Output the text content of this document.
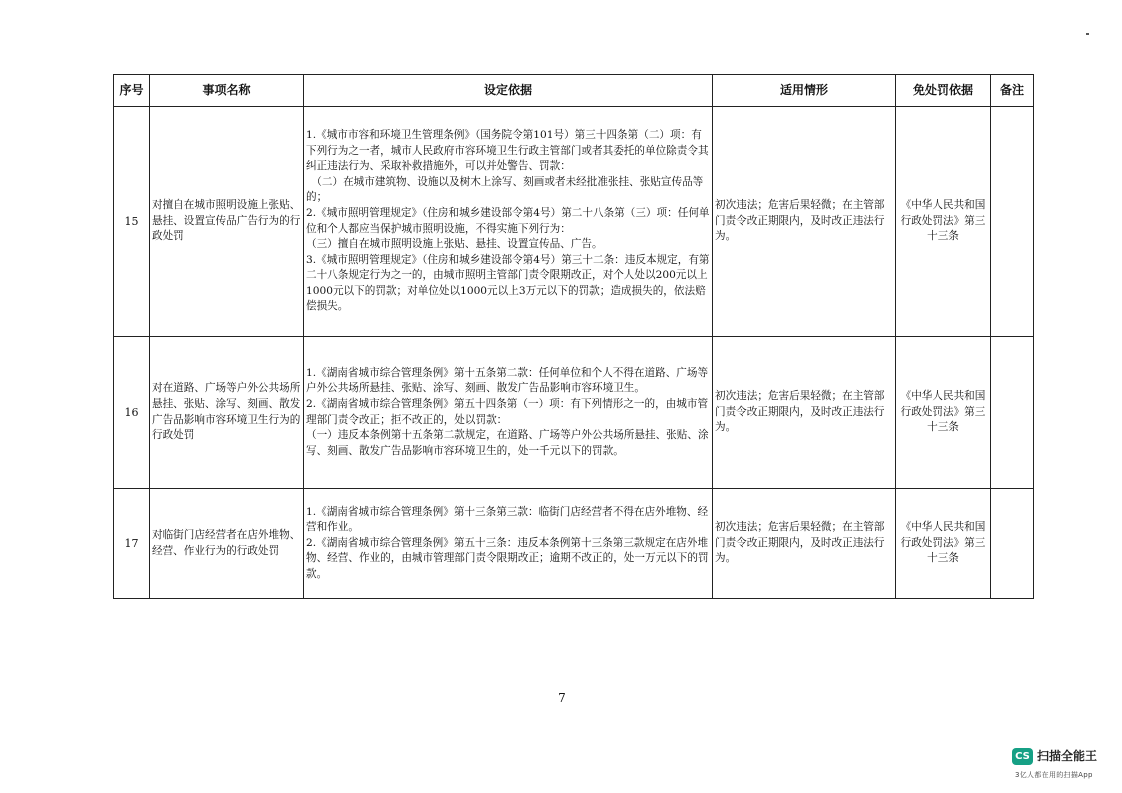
序号	事项名称	设定依据	适用情形	免处罚依据	备注
15	对擅自在城市照明设施上张贴、悬挂、设置宣传品广告行为的行政处罚	1.《城市市容和环境卫生管理条例》（国务院令第101号）第三十四条第（二）项：有下列行为之一者，城市人民政府市容环境卫生行政主管部门或者其委托的单位除责令其纠正违法行为、采取补救措施外，可以并处警告、罚款：
　（二）在城市建筑物、设施以及树木上涂写、刻画或者未经批准张挂、张贴宣传品等的；
2.《城市照明管理规定》（住房和城乡建设部令第4号）第二十八条第（三）项：任何单位和个人都应当保护城市照明设施，不得实施下列行为：
（三）擅自在城市照明设施上张贴、悬挂、设置宣传品、广告。
3.《城市照明管理规定》（住房和城乡建设部令第4号）第三十二条：违反本规定，有第二十八条规定行为之一的，由城市照明主管部门责令限期改正，对个人处以200元以上1000元以下的罚款；对单位处以1000元以上3万元以下的罚款；造成损失的，依法赔偿损失。	初次违法；危害后果轻微；在主管部门责令改正期限内，及时改正违法行为。	《中华人民共和国行政处罚法》第三十三条	
16	对在道路、广场等户外公共场所悬挂、张贴、涂写、刻画、散发广告品影响市容环境卫生行为的行政处罚	1.《湖南省城市综合管理条例》第十五条第二款：任何单位和个人不得在道路、广场等户外公共场所悬挂、张贴、涂写、刻画、散发广告品影响市容环境卫生。
2.《湖南省城市综合管理条例》第五十四条第（一）项：有下列情形之一的，由城市管理部门责令改正；拒不改正的，处以罚款：
（一）违反本条例第十五条第二款规定，在道路、广场等户外公共场所悬挂、张贴、涂写、刻画、散发广告品影响市容环境卫生的，处一千元以下的罚款。	初次违法；危害后果轻微；在主管部门责令改正期限内，及时改正违法行为。	《中华人民共和国行政处罚法》第三十三条	
17	对临街门店经营者在店外堆物、经营、作业行为的行政处罚	1.《湖南省城市综合管理条例》第十三条第三款：临街门店经营者不得在店外堆物、经营和作业。
2.《湖南省城市综合管理条例》第五十三条：违反本条例第十三条第三款规定在店外堆物、经营、作业的，由城市管理部门责令限期改正；逾期不改正的，处一万元以下的罚款。	初次违法；危害后果轻微；在主管部门责令改正期限内，及时改正违法行为。	《中华人民共和国行政处罚法》第三十三条	
7
CS 扫描全能王
3亿人都在用的扫描App
